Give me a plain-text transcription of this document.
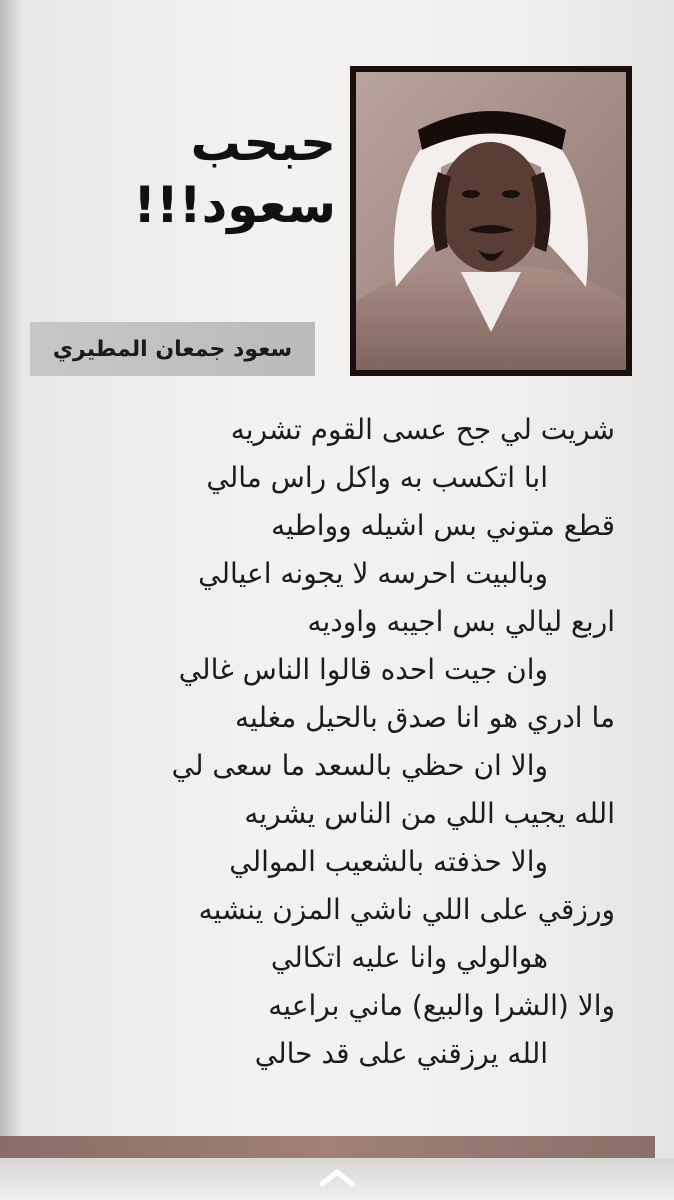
حبحب
سعود!!!
سعود جمعان المطيري
شريت لي جح عسى القوم تشريه
ابا اتكسب به واكل راس مالي
قطع متوني بس اشيله وواطيه
وبالبيت احرسه لا يجونه اعيالي
اربع ليالي بس اجيبه واوديه
وان جيت احده قالوا الناس غالي
ما ادري هو انا صدق بالحيل مغليه
والا ان حظي بالسعد ما سعى لي
الله يجيب اللي من الناس يشريه
والا حذفته بالشعيب الموالي
ورزقي على اللي ناشي المزن ينشيه
هوالولي وانا عليه اتكالي
والا (الشرا والبيع) ماني براعيه
الله يرزقني على قد حالي
